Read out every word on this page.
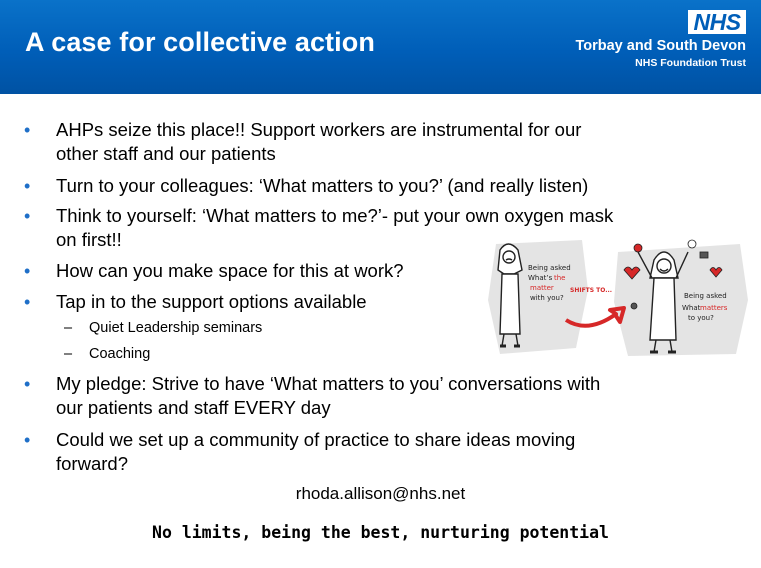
A case for collective action
NHS
Torbay and South Devon
NHS Foundation Trust
• AHPs seize this place!! Support workers are instrumental for our
other staff and our patients
• Turn to your colleagues: ‘What matters to you?’ (and really listen)
• Think to yourself: ‘What matters to me?’- put your own oxygen mask
on first!!
• How can you make space for this at work?
• Tap in to the support options available
– Quiet Leadership seminars
– Coaching
• My pledge: Strive to have ‘What matters to you’ conversations with
our patients and staff EVERY day
• Could we set up a community of practice to share ideas moving
forward?
Being asked What’s the matter with you?
SHIFTS TO...
Being asked What matters to you?
rhoda.allison@nhs.net
No limits, being the best, nurturing potential
